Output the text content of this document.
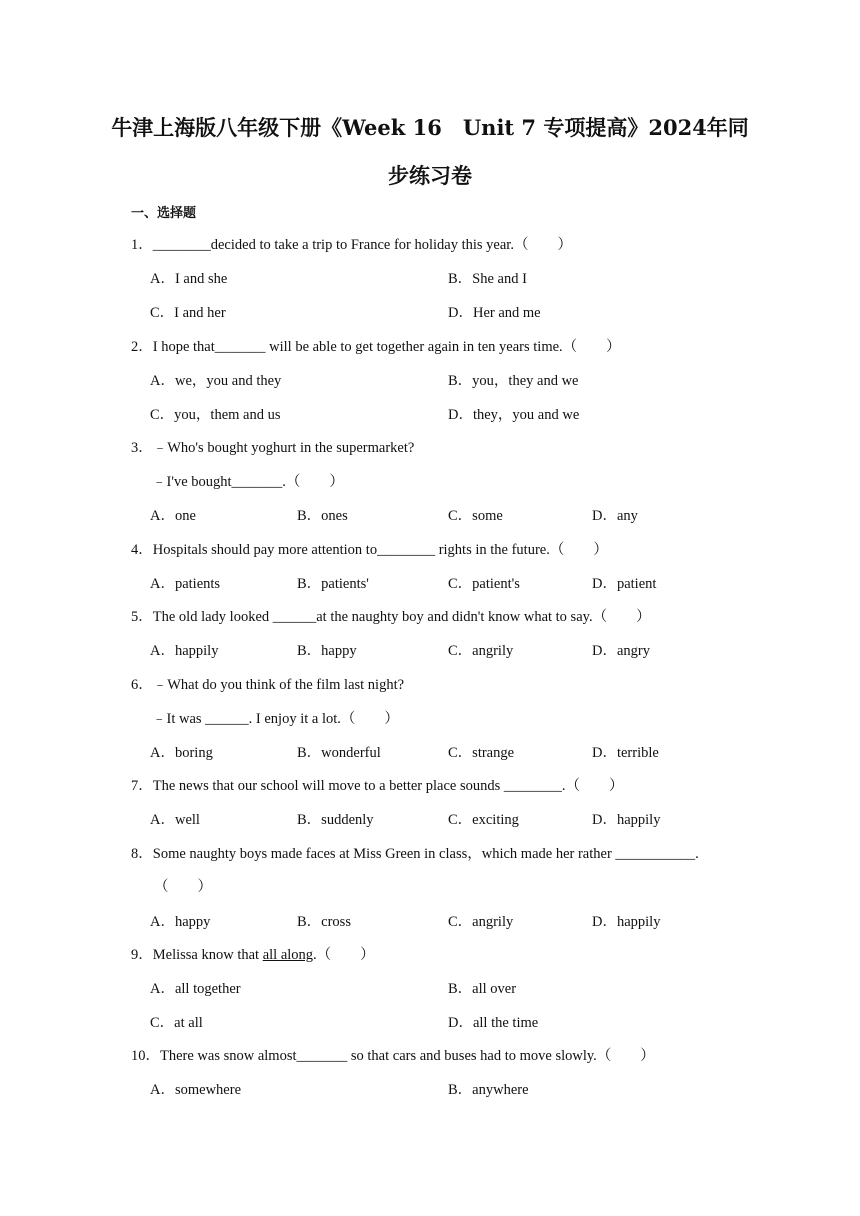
牛津上海版八年级下册《Week 16　Unit 7 专项提高》2024年同
步练习卷
一、选择题
1．________decided to take a trip to France for holiday this year.（　　）
A．I and she	B．She and I
C．I and her	D．Her and me
2．I hope that_______ will be able to get together again in ten years time.（　　）
A．we，you and they	B．you，they and we
C．you，them and us	D．they，you and we
3．﹣Who's bought yoghurt in the supermarket?
﹣I've bought_______.（　　）
A．one	B．ones	C．some	D．any
4．Hospitals should pay more attention to________ rights in the future.（　　）
A．patients	B．patients'	C．patient's	D．patient
5．The old lady looked ______at the naughty boy and didn't know what to say.（　　）
A．happily	B．happy	C．angrily	D．angry
6．﹣What do you think of the film last night?
﹣It was ______. I enjoy it a lot.（　　）
A．boring	B．wonderful	C．strange	D．terrible
7．The news that our school will move to a better place sounds ________.（　　）
A．well	B．suddenly	C．exciting	D．happily
8．Some naughty boys made faces at Miss Green in class，which made her rather ___________.
（　　）
A．happy	B．cross	C．angrily	D．happily
9．Melissa know that all along.（　　）
A．all together	B．all over
C．at all	D．all the time
10．There was snow almost_______ so that cars and buses had to move slowly.（　　）
A．somewhere	B．anywhere
